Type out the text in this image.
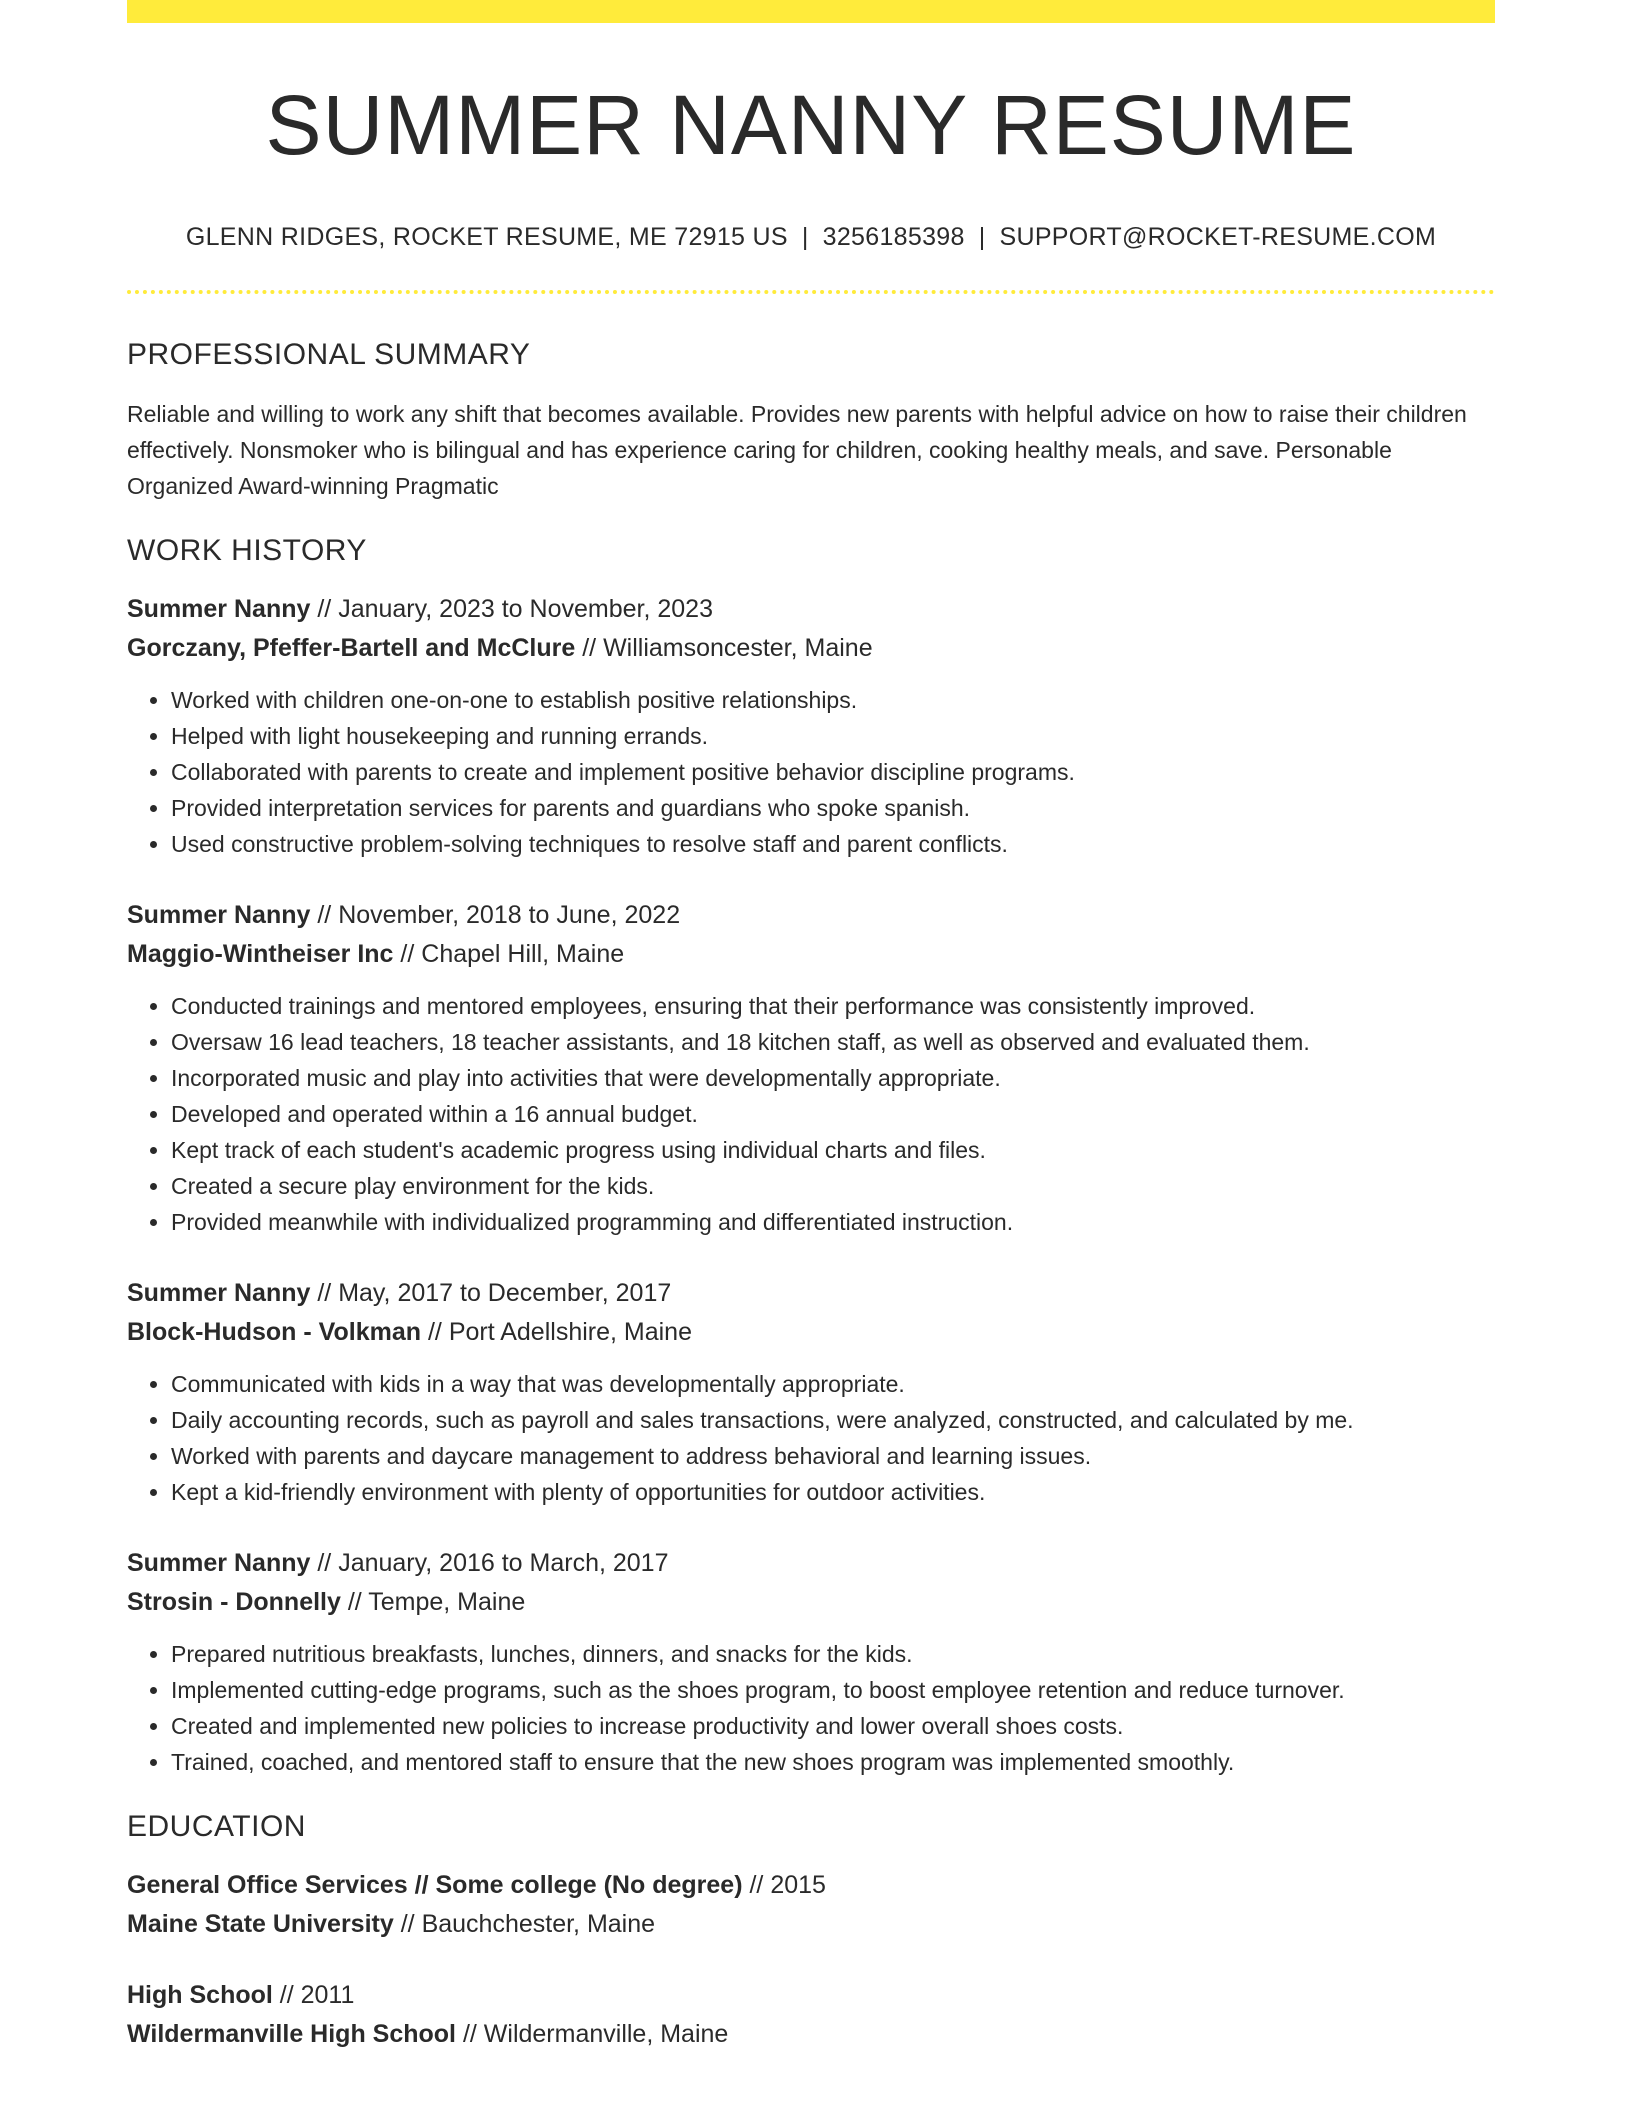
SUMMER NANNY RESUME
GLENN RIDGES, ROCKET RESUME, ME 72915 US | 3256185398 | SUPPORT@ROCKET-RESUME.COM
PROFESSIONAL SUMMARY
Reliable and willing to work any shift that becomes available. Provides new parents with helpful advice on how to raise their children effectively. Nonsmoker who is bilingual and has experience caring for children, cooking healthy meals, and save. Personable Organized Award-winning Pragmatic
WORK HISTORY
Summer Nanny // January, 2023 to November, 2023
Gorczany, Pfeffer-Bartell and McClure // Williamsoncester, Maine
• Worked with children one-on-one to establish positive relationships.
• Helped with light housekeeping and running errands.
• Collaborated with parents to create and implement positive behavior discipline programs.
• Provided interpretation services for parents and guardians who spoke spanish.
• Used constructive problem-solving techniques to resolve staff and parent conflicts.
Summer Nanny // November, 2018 to June, 2022
Maggio-Wintheiser Inc // Chapel Hill, Maine
• Conducted trainings and mentored employees, ensuring that their performance was consistently improved.
• Oversaw 16 lead teachers, 18 teacher assistants, and 18 kitchen staff, as well as observed and evaluated them.
• Incorporated music and play into activities that were developmentally appropriate.
• Developed and operated within a 16 annual budget.
• Kept track of each student's academic progress using individual charts and files.
• Created a secure play environment for the kids.
• Provided meanwhile with individualized programming and differentiated instruction.
Summer Nanny // May, 2017 to December, 2017
Block-Hudson - Volkman // Port Adellshire, Maine
• Communicated with kids in a way that was developmentally appropriate.
• Daily accounting records, such as payroll and sales transactions, were analyzed, constructed, and calculated by me.
• Worked with parents and daycare management to address behavioral and learning issues.
• Kept a kid-friendly environment with plenty of opportunities for outdoor activities.
Summer Nanny // January, 2016 to March, 2017
Strosin - Donnelly // Tempe, Maine
• Prepared nutritious breakfasts, lunches, dinners, and snacks for the kids.
• Implemented cutting-edge programs, such as the shoes program, to boost employee retention and reduce turnover.
• Created and implemented new policies to increase productivity and lower overall shoes costs.
• Trained, coached, and mentored staff to ensure that the new shoes program was implemented smoothly.
EDUCATION
General Office Services // Some college (No degree) // 2015
Maine State University // Bauchchester, Maine
High School // 2011
Wildermanville High School // Wildermanville, Maine
